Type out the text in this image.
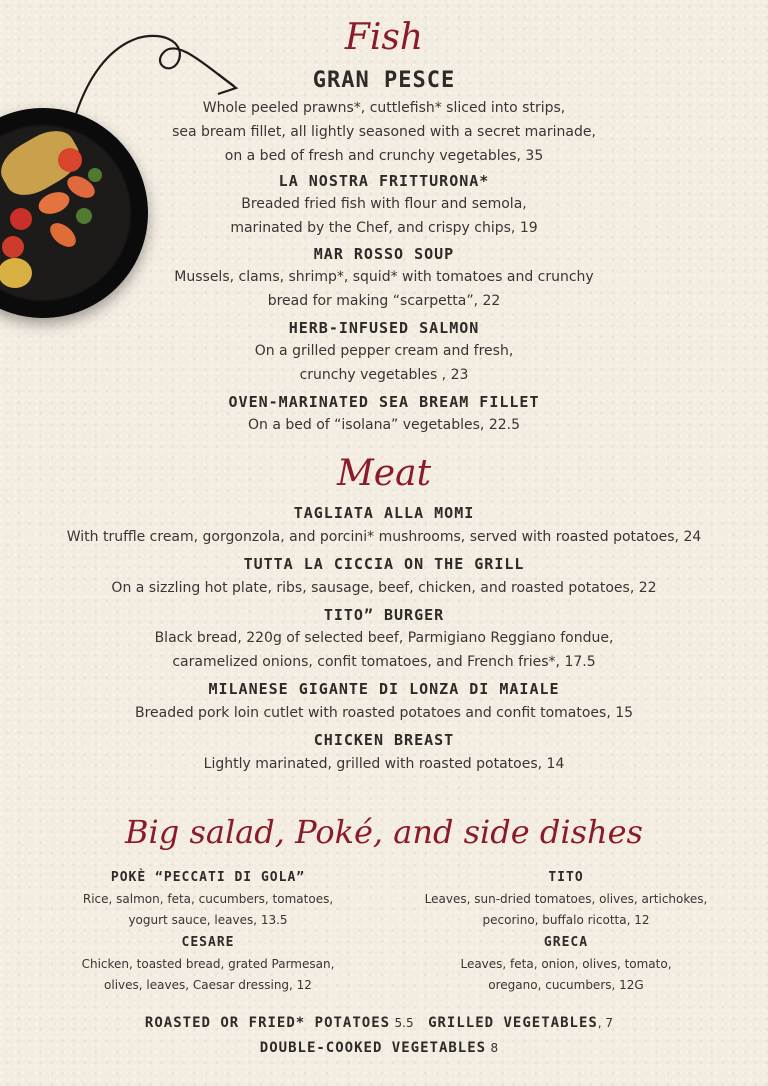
Fish
GRAN PESCE
Whole peeled prawns*, cuttlefish* sliced into strips,
sea bream fillet, all lightly seasoned with a secret marinade,
on a bed of fresh and crunchy vegetables, 35
LA NOSTRA FRITTURONA*
Breaded fried fish with flour and semola,
marinated by the Chef, and crispy chips, 19
MAR ROSSO SOUP
Mussels, clams, shrimp*, squid* with tomatoes and crunchy
bread for making “scarpetta”, 22
HERB-INFUSED SALMON
On a grilled pepper cream and fresh,
crunchy vegetables , 23
OVEN-MARINATED SEA BREAM FILLET
On a bed of “isolana” vegetables, 22.5
Meat
TAGLIATA ALLA MOMI
With truffle cream, gorgonzola, and porcini* mushrooms, served with roasted potatoes, 24
TUTTA LA CICCIA ON THE GRILL
On a sizzling hot plate, ribs, sausage, beef, chicken, and roasted potatoes, 22
TITO” BURGER
Black bread, 220g of selected beef, Parmigiano Reggiano fondue,
caramelized onions, confit tomatoes, and French fries*, 17.5
MILANESE GIGANTE DI LONZA DI MAIALE
Breaded pork loin cutlet with roasted potatoes and confit tomatoes, 15
CHICKEN BREAST
Lightly marinated, grilled with roasted potatoes, 14
Big salad, Poké, and side dishes
POKÈ “PECCATI DI GOLA”
Rice, salmon, feta, cucumbers, tomatoes,
yogurt sauce, leaves, 13.5
CESARE
Chicken, toasted bread, grated Parmesan,
olives, leaves, Caesar dressing, 12
TITO
Leaves, sun-dried tomatoes, olives, artichokes,
pecorino, buffalo ricotta, 12
GRECA
Leaves, feta, onion, olives, tomato,
oregano, cucumbers, 12G
ROASTED OR FRIED* POTATOES 5.5 GRILLED VEGETABLES, 7
DOUBLE-COOKED VEGETABLES 8
